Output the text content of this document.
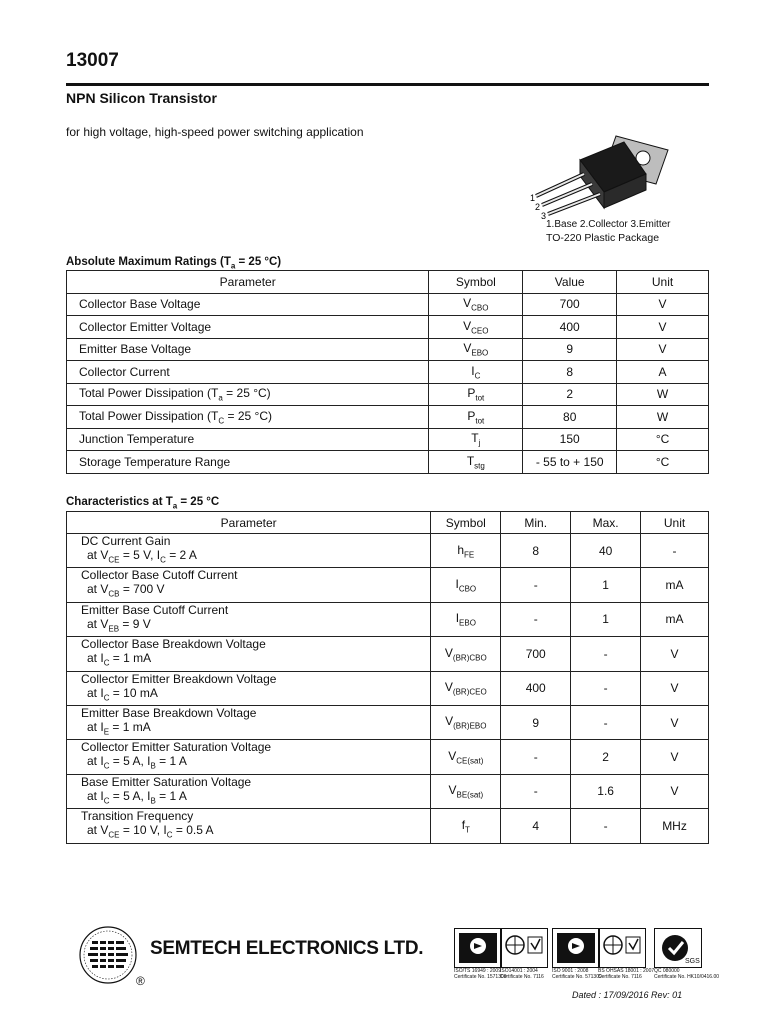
13007
NPN Silicon Transistor
for high voltage, high-speed power switching application
1
2
3
1.Base 2.Collector 3.Emitter
TO-220 Plastic Package
Absolute Maximum Ratings ($T_a = 25$ °C)
Parameter	Symbol	Value	Unit
Collector Base Voltage	$V_{CBO}$	700	V
Collector Emitter Voltage	$V_{CEO}$	400	V
Emitter Base Voltage	$V_{EBO}$	9	V
Collector Current	$I_C$	8	A
Total Power Dissipation ($T_a = 25$ °C)	$P_{tot}$	2	W
Total Power Dissipation ($T_C = 25$ °C)	$P_{tot}$	80	W
Junction Temperature	$T_j$	150	°C
Storage Temperature Range	$T_{stg}$	- 55 to + 150	°C
Characteristics at $T_a = 25$ °C
Parameter	Symbol	Min.	Max.	Unit

DC Current Gain
at $V_{CE} = 5$ V, $I_C = 2$ A	$h_{FE}$	8	40	-

Collector Base Cutoff Current
at $V_{CB} = 700$ V	$I_{CBO}$	-	1	mA

Emitter Base Cutoff Current
at $V_{EB} = 9$ V	$I_{EBO}$	-	1	mA

Collector Base Breakdown Voltage
at $I_C = 1$ mA	$V_{(BR)CBO}$	700	-	V

Collector Emitter Breakdown Voltage
at $I_C = 10$ mA	$V_{(BR)CEO}$	400	-	V

Emitter Base Breakdown Voltage
at $I_E = 1$ mA	$V_{(BR)EBO}$	9	-	V

Collector Emitter Saturation Voltage
at $I_C = 5$ A, $I_B = 1$ A	$V_{CE(sat)}$	-	2	V

Base Emitter Saturation Voltage
at $I_C = 5$ A, $I_B = 1$ A	$V_{BE(sat)}$	-	1.6	V

Transition Frequency
at $V_{CE} = 10$ V, $I_C = 0.5$ A	$f_T$	4	-	MHz
®
SEMTECH ELECTRONICS LTD.
ISO/TS 16949 : 2009
Certificate No. 1571309
ISO14001 : 2004
Certificate No. 7116
ISO 9001 : 2008
Certificate No. 571309
BS OHSAS 18001 : 2007
Certificate No. 7116
SGS
QC 080000
Certificate No. HK10/0416.00
Dated : 17/09/2016 Rev: 01
